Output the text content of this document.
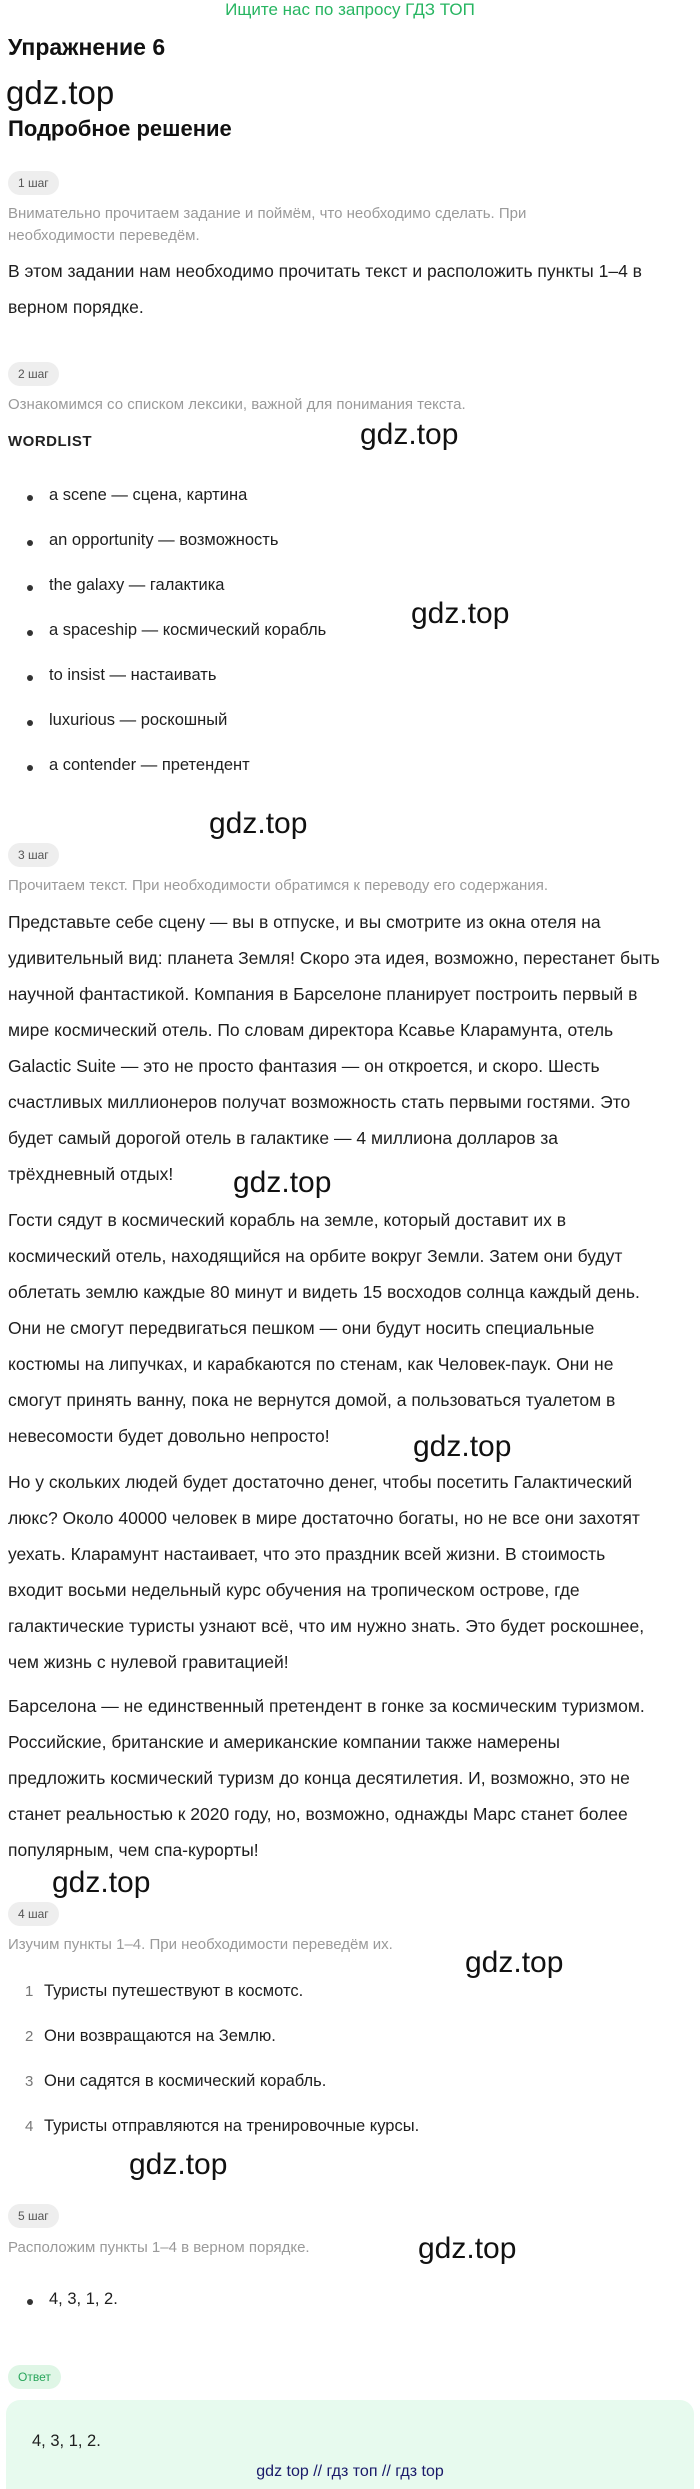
Ищите нас по запросу ГДЗ ТОП
Упражнение 6
gdz.top
Подробное решение
1 шаг
Внимательно прочитаем задание и поймём, что необходимо сделать. При
необходимости переведём.
В этом задании нам необходимо прочитать текст и расположить пункты 1–4 в
верном порядке.
2 шаг
Ознакомимся со списком лексики, важной для понимания текста.
WORDLIST	gdz.top
a scene — сцена, картина
an opportunity — возможность
the galaxy — галактика
a spaceship — космический корабль	gdz.top
to insist — настаивать
luxurious — роскошный
a contender — претендент
gdz.top
3 шаг
Прочитаем текст. При необходимости обратимся к переводу его содержания.
Представьте себе сцену — вы в отпуске, и вы смотрите из окна отеля на
удивительный вид: планета Земля! Скоро эта идея, возможно, перестанет быть
научной фантастикой. Компания в Барселоне планирует построить первый в
мире космический отель. По словам директора Ксавье Кларамунта, отель
Galactic Suite — это не просто фантазия — он откроется, и скоро. Шесть
счастливых миллионеров получат возможность стать первыми гостями. Это
будет самый дорогой отель в галактике — 4 миллиона долларов за
трёхдневный отдых! gdz.top
Гости сядут в космический корабль на земле, который доставит их в
космический отель, находящийся на орбите вокруг Земли. Затем они будут
облетать землю каждые 80 минут и видеть 15 восходов солнца каждый день.
Они не смогут передвигаться пешком — они будут носить специальные
костюмы на липучках, и карабкаются по стенам, как Человек-паук. Они не
смогут принять ванну, пока не вернутся домой, а пользоваться туалетом в
невесомости будет довольно непросто!	gdz.top
Но у скольких людей будет достаточно денег, чтобы посетить Галактический
люкс? Около 40000 человек в мире достаточно богаты, но не все они захотят
уехать. Кларамунт настаивает, что это праздник всей жизни. В стоимость
входит восьми недельный курс обучения на тропическом острове, где
галактические туристы узнают всё, что им нужно знать. Это будет роскошнее,
чем жизнь с нулевой гравитацией!
Барселона — не единственный претендент в гонке за космическим туризмом.
Российские, британские и американские компании также намерены
предложить космический туризм до конца десятилетия. И, возможно, это не
станет реальностью к 2020 году, но, возможно, однажды Марс станет более
популярным, чем спа-курорты!
gdz.top
4 шаг
Изучим пункты 1–4. При необходимости переведём их.
gdz.top
1 Туристы путешествуют в космотс.
2 Они возвращаются на Землю.
3 Они садятся в космический корабль.
4 Туристы отправляются на тренировочные курсы.
gdz.top
5 шаг
Расположим пункты 1–4 в верном порядке.	gdz.top
4, 3, 1, 2.
Ответ
4, 3, 1, 2.
gdz top // гдз топ // гдз top
